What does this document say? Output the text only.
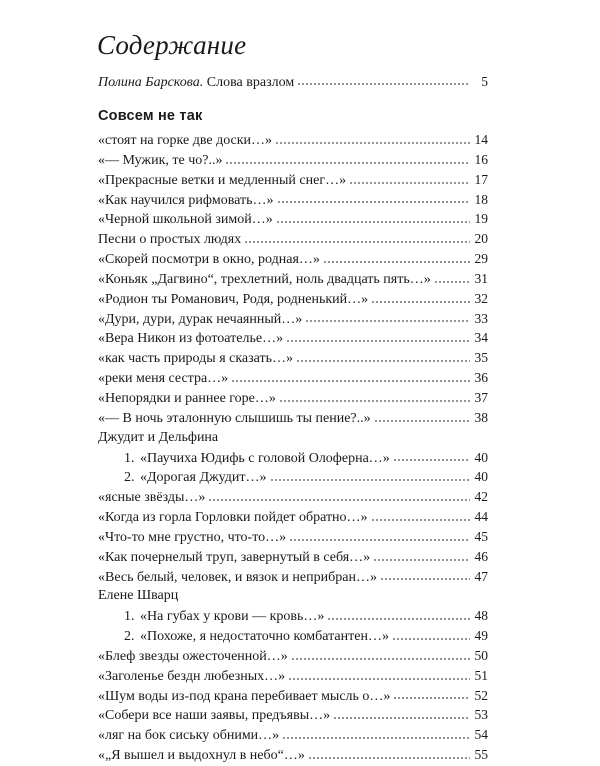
Содержание
Полина Барскова.
Слова вразлом	5
Совсем не так
«стоят на горке две доски…»	14
«— Мужик, те чо?..»	16
«Прекрасные ветки и медленный снег…»	17
«Как научился рифмовать…»	18
«Черной школьной зимой…»	19
Песни о простых людях	20
«Скорей посмотри в окно, родная…»	29
«Коньяк „Дагвино“, трехлетний, ноль двадцать пять…»	31
«Родион ты Романович, Родя, родненький…»	32
«Дури, дури, дурак нечаянный…»	33
«Вера Никон из фотоателье…»	34
«как часть природы я сказать…»	35
«реки меня сестра…»	36
«Непорядки и раннее горе…»	37
«— В ночь эталонную слышишь ты пение?..»	38
Джудит и Дельфина
1. «Паучиха Юдифь с головой Олоферна…»	40
2. «Дорогая Джудит…»	40
«ясные звёзды…»	42
«Когда из горла Горловки пойдет обратно…»	44
«Что-то мне грустно, что-то…»	45
«Как почернелый труп, завернутый в себя…»	46
«Весь белый, человек, и вязок и неприбран…»	47
Елене Шварц
1. «На губах у крови — кровь…»	48
2. «Похоже, я недостаточно комбатантен…»	49
«Блеф звезды ожесточенной…»	50
«Заголенье бездн любезных…»	51
«Шум воды из-под крана перебивает мысль о…»	52
«Собери все наши заявы, предъявы…»	53
«ляг на бок сиську обними…»	54
«„Я вышел и выдохнул в небо“…»	55
